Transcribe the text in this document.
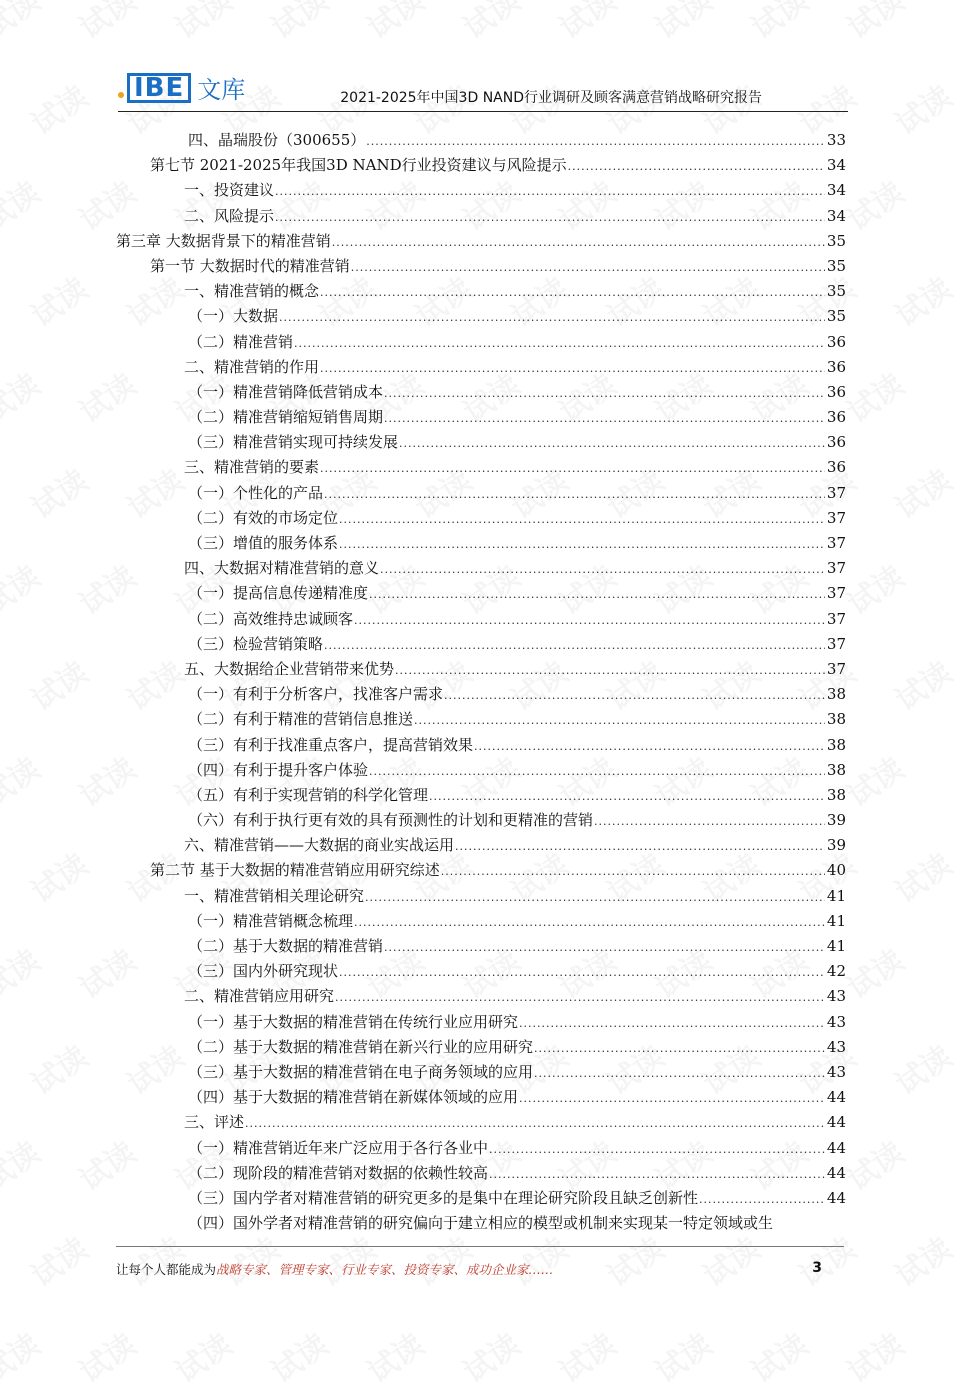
IBE 文库	2021-2025年中国3D NAND行业调研及顾客满意营销战略研究报告
四、晶瑞股份（300655） .....	33
第七节 2021-2025年我国3D NAND行业投资建议与风险提示 .....	34
一、投资建议 .....	34
二、风险提示 .....	34
第三章 大数据背景下的精准营销 .....	35
第一节 大数据时代的精准营销 .....	35
一、精准营销的概念 .....	35
（一）大数据 .....	35
（二）精准营销 .....	36
二、精准营销的作用 .....	36
（一）精准营销降低营销成本 .....	36
（二）精准营销缩短销售周期 .....	36
（三）精准营销实现可持续发展 .....	36
三、精准营销的要素 .....	36
（一）个性化的产品 .....	37
（二）有效的市场定位 .....	37
（三）增值的服务体系 .....	37
四、大数据对精准营销的意义 .....	37
（一）提高信息传递精准度 .....	37
（二）高效维持忠诚顾客 .....	37
（三）检验营销策略 .....	37
五、大数据给企业营销带来优势 .....	37
（一）有利于分析客户，找准客户需求 .....	38
（二）有利于精准的营销信息推送 .....	38
（三）有利于找准重点客户，提高营销效果 .....	38
（四）有利于提升客户体验 .....	38
（五）有利于实现营销的科学化管理 .....	38
（六）有利于执行更有效的具有预测性的计划和更精准的营销 .....	39
六、精准营销——大数据的商业实战运用 .....	39
第二节 基于大数据的精准营销应用研究综述 .....	40
一、精准营销相关理论研究 .....	41
（一）精准营销概念梳理 .....	41
（二）基于大数据的精准营销 .....	41
（三）国内外研究现状 .....	42
二、精准营销应用研究 .....	43
（一）基于大数据的精准营销在传统行业应用研究 .....	43
（二）基于大数据的精准营销在新兴行业的应用研究 .....	43
（三）基于大数据的精准营销在电子商务领域的应用 .....	43
（四）基于大数据的精准营销在新媒体领域的应用 .....	44
三、评述 .....	44
（一）精准营销近年来广泛应用于各行各业中 .....	44
（二）现阶段的精准营销对数据的依赖性较高 .....	44
（三）国内学者对精准营销的研究更多的是集中在理论研究阶段且缺乏创新性 .....	44
（四）国外学者对精准营销的研究偏向于建立相应的模型或机制来实现某一特定领域或生
让每个人都能成为战略专家、管理专家、行业专家、投资专家、成功企业家……	3
